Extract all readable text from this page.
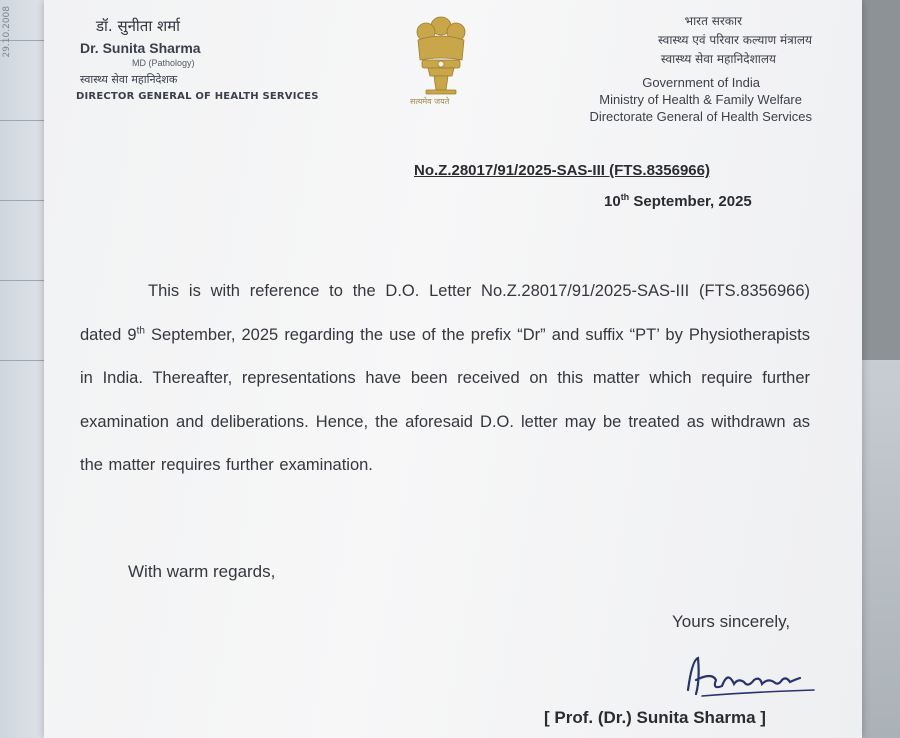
29.10.2008	डॉ. सुनीता शर्मा
Dr. Sunita Sharma
MD (Pathology)
स्वास्थ्य सेवा महानिदेशक
DIRECTOR GENERAL OF HEALTH SERVICES	सत्यमेव जयते
भारत सरकार
स्वास्थ्य एवं परिवार कल्याण मंत्रालय
स्वास्थ्य सेवा महानिदेशालय
Government of India
Ministry of Health & Family Welfare
Directorate General of Health Services
No.Z.28017/91/2025-SAS-III (FTS.8356966)
10th September, 2025
This is with reference to the D.O. Letter No.Z.28017/91/2025-SAS-III (FTS.8356966) dated 9th September, 2025 regarding the use of the prefix “Dr” and suffix “PT’ by Physiotherapists in India. Thereafter, representations have been received on this matter which require further examination and deliberations. Hence, the aforesaid D.O. letter may be treated as withdrawn as the matter requires further examination.
With warm regards,
Yours sincerely,
[ Prof. (Dr.) Sunita Sharma ]
